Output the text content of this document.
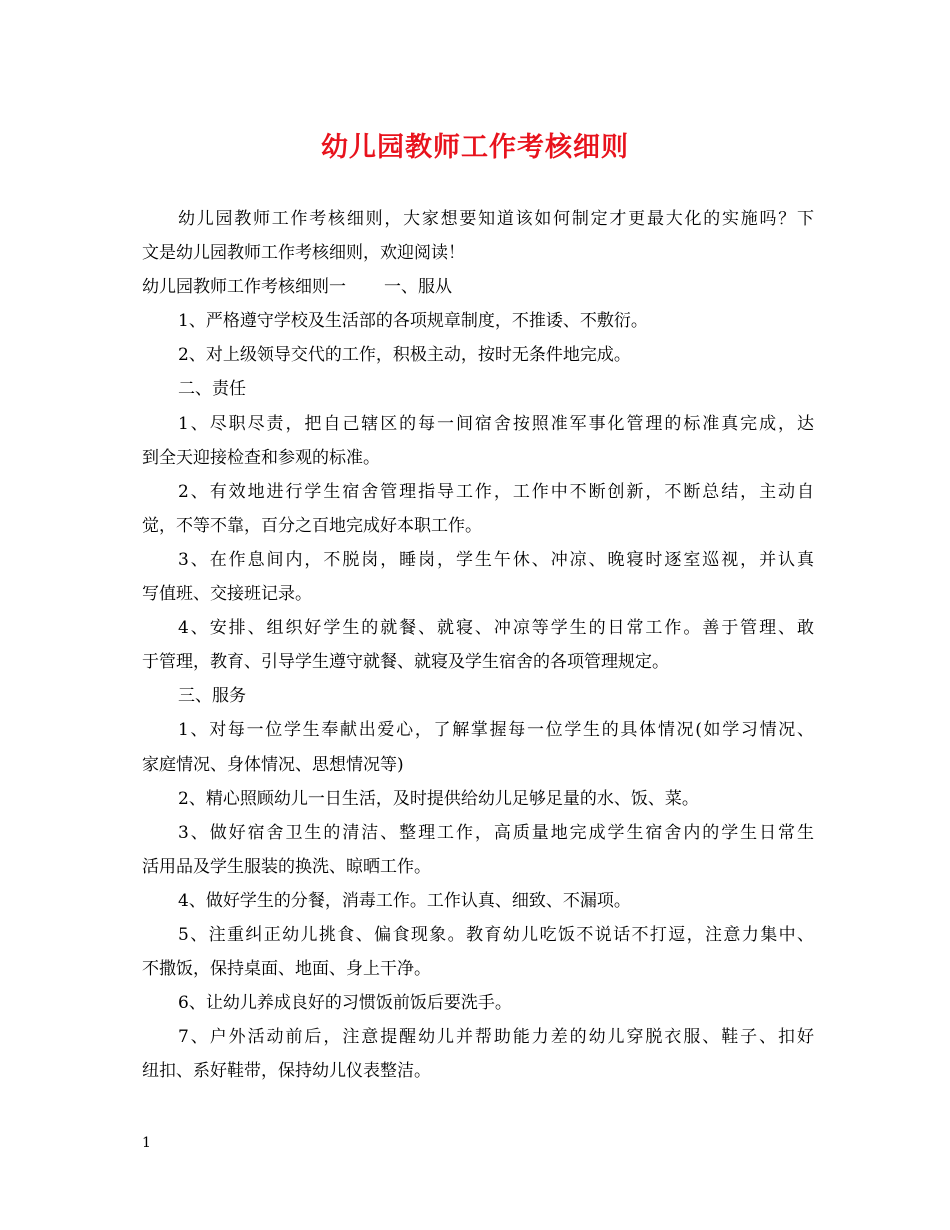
幼儿园教师工作考核细则
幼儿园教师工作考核细则，大家想要知道该如何制定才更最大化的实施吗？下
文是幼儿园教师工作考核细则，欢迎阅读！
幼儿园教师工作考核细则一 一、服从
1、严格遵守学校及生活部的各项规章制度，不推诿、不敷衍。
2、对上级领导交代的工作，积极主动，按时无条件地完成。
二、责任
1、尽职尽责，把自己辖区的每一间宿舍按照准军事化管理的标准真完成，达
到全天迎接检查和参观的标准。
2、有效地进行学生宿舍管理指导工作，工作中不断创新，不断总结，主动自
觉，不等不靠，百分之百地完成好本职工作。
3、在作息间内，不脱岗，睡岗，学生午休、冲凉、晚寝时逐室巡视，并认真
写值班、交接班记录。
4、安排、组织好学生的就餐、就寝、冲凉等学生的日常工作。善于管理、敢
于管理，教育、引导学生遵守就餐、就寝及学生宿舍的各项管理规定。
三、服务
1、对每一位学生奉献出爱心，了解掌握每一位学生的具体情况(如学习情况、
家庭情况、身体情况、思想情况等)
2、精心照顾幼儿一日生活，及时提供给幼儿足够足量的水、饭、菜。
3、做好宿舍卫生的清洁、整理工作，高质量地完成学生宿舍内的学生日常生
活用品及学生服装的换洗、晾晒工作。
4、做好学生的分餐，消毒工作。工作认真、细致、不漏项。
5、注重纠正幼儿挑食、偏食现象。教育幼儿吃饭不说话不打逗，注意力集中、
不撒饭，保持桌面、地面、身上干净。
6、让幼儿养成良好的习惯饭前饭后要洗手。
7、户外活动前后，注意提醒幼儿并帮助能力差的幼儿穿脱衣服、鞋子、扣好
纽扣、系好鞋带，保持幼儿仪表整洁。
1
